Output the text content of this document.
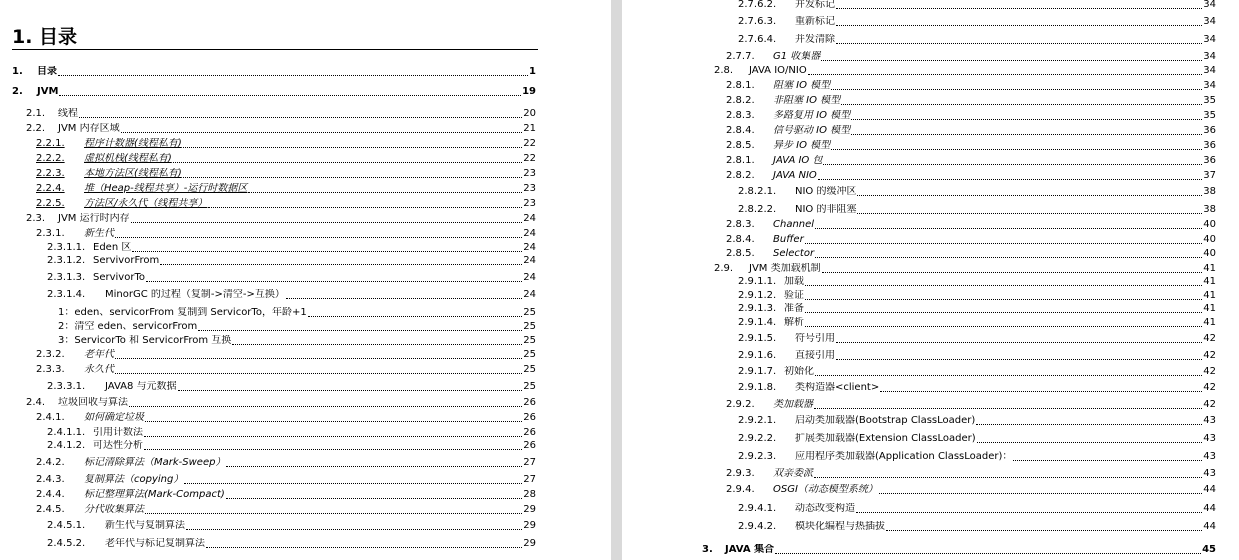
1. 目录
1.	目录	1
2.	JVM	19
2.1.	线程	20
2.2.	JVM 内存区域	21
2.2.1.	程序计数器(线程私有)	22
2.2.2.	虚拟机栈(线程私有)	22
2.2.3.	本地方法区(线程私有)	23
2.2.4.	堆（Heap-线程共享）-运行时数据区	23
2.2.5.	方法区/永久代（线程共享）	23
2.3.	JVM 运行时内存	24
2.3.1.	新生代	24
2.3.1.1. Eden 区	24
2.3.1.2. ServivorFrom	24
2.3.1.3. ServivorTo	24
2.3.1.4.	MinorGC 的过程（复制->清空->互换）	24
1：eden、servicorFrom 复制到 ServicorTo，年龄+1	25
2：清空 eden、servicorFrom	25
3：ServicorTo 和 ServicorFrom 互换	25
2.3.2.	老年代	25
2.3.3.	永久代	25
2.3.3.1.	JAVA8 与元数据	25
2.4.	垃圾回收与算法	26
2.4.1.	如何确定垃圾	26
2.4.1.1. 引用计数法	26
2.4.1.2. 可达性分析	26
2.4.2.	标记清除算法（Mark-Sweep）	27
2.4.3.	复制算法（copying）	27
2.4.4.	标记整理算法(Mark-Compact)	28
2.4.5.	分代收集算法	29
2.4.5.1.	新生代与复制算法	29
2.4.5.2.	老年代与标记复制算法	29
2.7.6.2.	并发标记	34
2.7.6.3.	重新标记	34
2.7.6.4.	并发清除	34
2.7.7.	G1 收集器	34
2.8.	JAVA IO/NIO	34
2.8.1.	阻塞 IO 模型	34
2.8.2.	非阻塞 IO 模型	35
2.8.3.	多路复用 IO 模型	35
2.8.4.	信号驱动 IO 模型	36
2.8.5.	异步 IO 模型	36
2.8.1.	JAVA IO 包	36
2.8.2.	JAVA NIO	37
2.8.2.1.	NIO 的缓冲区	38
2.8.2.2.	NIO 的非阻塞	38
2.8.3.	Channel	40
2.8.4.	Buffer	40
2.8.5.	Selector	40
2.9.	JVM 类加载机制	41
2.9.1.1. 加载	41
2.9.1.2. 验证	41
2.9.1.3. 准备	41
2.9.1.4. 解析	41
2.9.1.5.	符号引用	42
2.9.1.6.	直接引用	42
2.9.1.7. 初始化	42
2.9.1.8.	类构造器<client>	42
2.9.2.	类加载器	42
2.9.2.1.	启动类加载器(Bootstrap ClassLoader)	43
2.9.2.2.	扩展类加载器(Extension ClassLoader)	43
2.9.2.3.	应用程序类加载器(Application ClassLoader)：	43
2.9.3.	双亲委派	43
2.9.4.	OSGI（动态模型系统）	44
2.9.4.1.	动态改变构造	44
2.9.4.2.	模块化编程与热插拔	44
3.	JAVA 集合	45
